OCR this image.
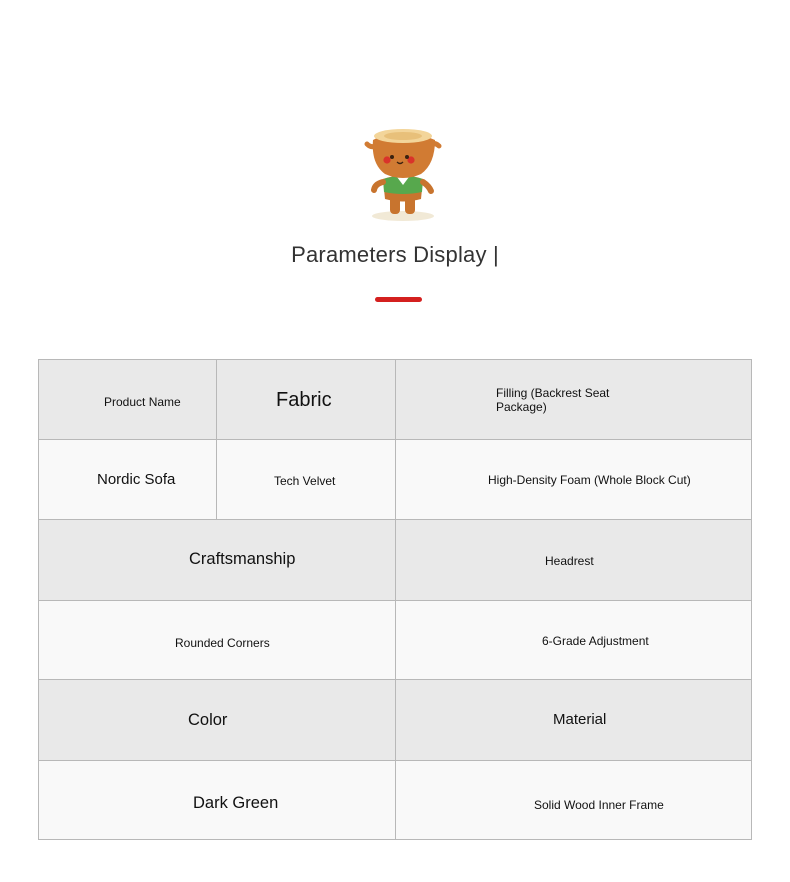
Parameters Display |
Product Name	Fabric	Filling (Backrest Seat
Package)
Nordic Sofa	Tech Velvet	High-Density Foam (Whole Block Cut)
Craftsmanship	Headrest
Rounded Corners	6-Grade Adjustment
Color	Material
Dark Green	Solid Wood Inner Frame
